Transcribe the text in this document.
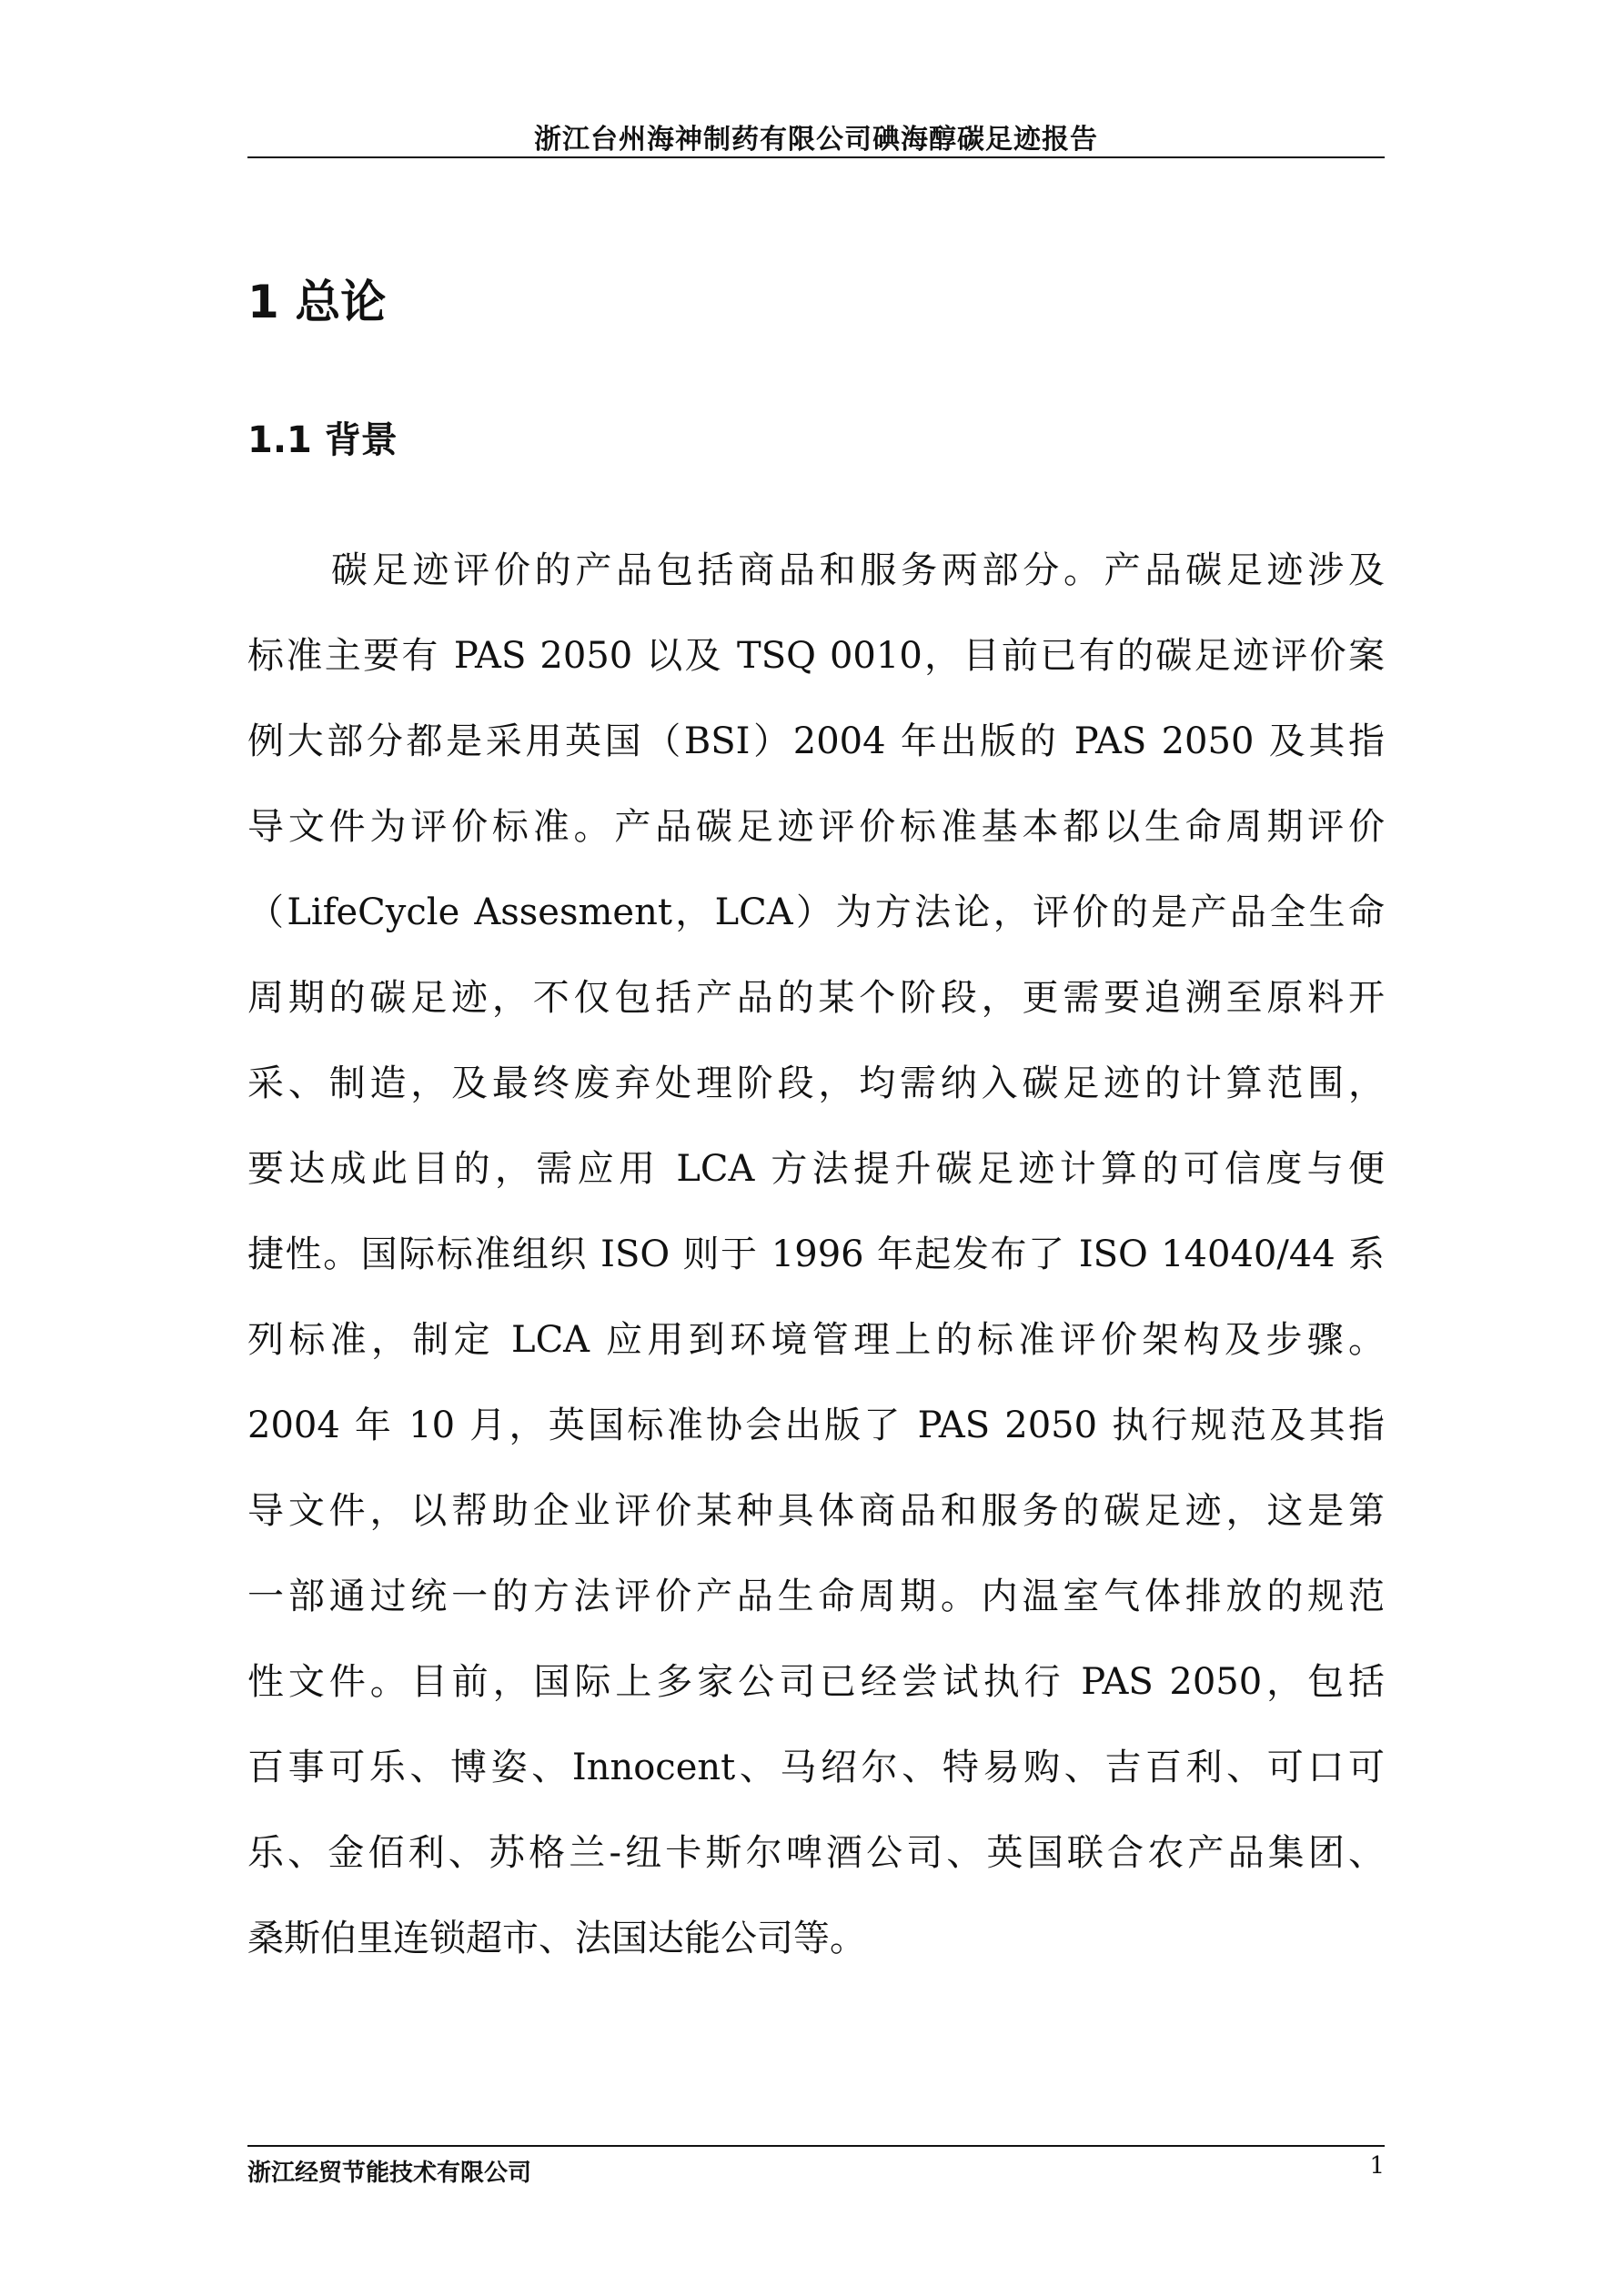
浙江台州海神制药有限公司碘海醇碳足迹报告
1 总论
1.1 背景
碳足迹评价的产品包括商品和服务两部分。产品碳足迹涉及
标准主要有 PAS 2050 以及 TSQ 0010，目前已有的碳足迹评价案
例大部分都是采用英国（BSI）2004 年出版的 PAS 2050 及其指
导文件为评价标准。产品碳足迹评价标准基本都以生命周期评价
（LifeCycle Assesment，LCA）为方法论，评价的是产品全生命
周期的碳足迹，不仅包括产品的某个阶段，更需要追溯至原料开
采、制造，及最终废弃处理阶段，均需纳入碳足迹的计算范围，
要达成此目的，需应用 LCA 方法提升碳足迹计算的可信度与便
捷性。国际标准组织 ISO 则于 1996 年起发布了 ISO 14040/44 系
列标准，制定 LCA 应用到环境管理上的标准评价架构及步骤。
2004 年 10 月，英国标准协会出版了 PAS 2050 执行规范及其指
导文件，以帮助企业评价某种具体商品和服务的碳足迹，这是第
一部通过统一的方法评价产品生命周期。内温室气体排放的规范
性文件。目前，国际上多家公司已经尝试执行 PAS 2050，包括
百事可乐、博姿、Innocent、马绍尔、特易购、吉百利、可口可
乐、金佰利、苏格兰-纽卡斯尔啤酒公司、英国联合农产品集团、
桑斯伯里连锁超市、法国达能公司等。
浙江经贸节能技术有限公司	1
